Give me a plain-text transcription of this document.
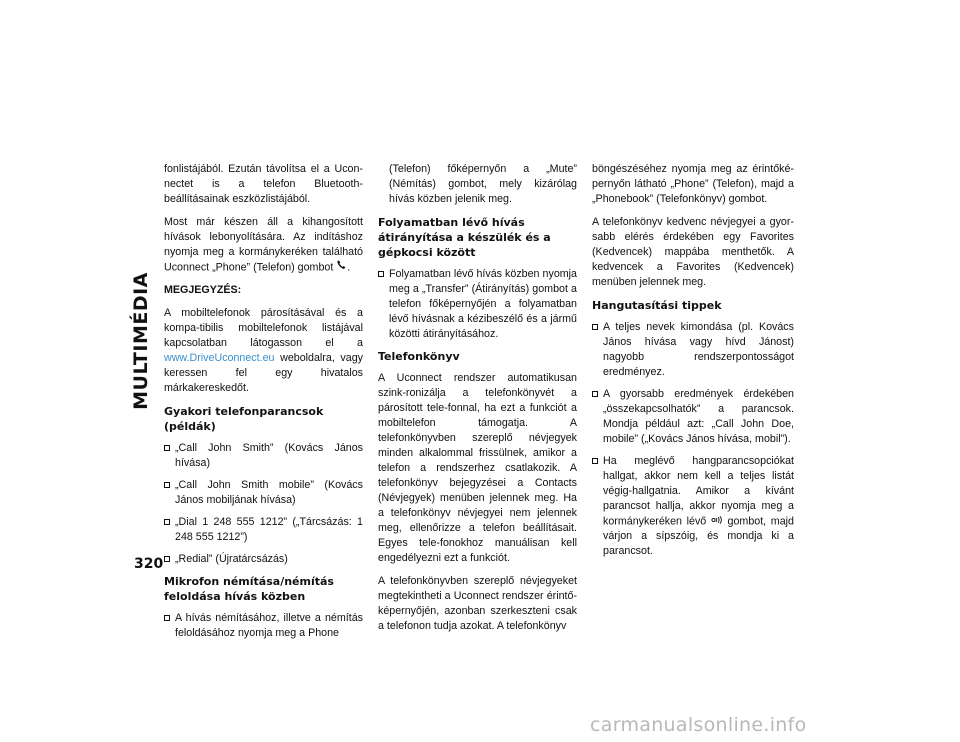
MULTIMÉDIA
320

fonlistájából. Ezután távolítsa el a Ucon-nectet is a telefon Bluetooth-beállításainak eszközlistájából.

Most már készen áll a kihangosított hívások lebonyolítására. Az indításhoz nyomja meg a kormánykeréken található Uconnect „Phone” (Telefon) gombot .

MEGJEGYZÉS:

A mobiltelefonok párosításával és a kompa-tibilis mobiltelefonok listájával kapcsolatban látogasson el a www.DriveUconnect.eu weboldalra, vagy keressen fel egy hivatalos márkakereskedőt.

Gyakori telefonparancsok (példák)
„Call John Smith” (Kovács János hívása)
„Call John Smith mobile” (Kovács János mobiljának hívása)
„Dial 1 248 555 1212” („Tárcsázás: 1 248 555 1212”)
„Redial” (Újratárcsázás)
Mikrofon némítása/némítás feloldása hívás közben
A hívás némításához, illetve a némítás feloldásához nyomja meg a Phone

(Telefon) főképernyőn a „Mute” (Némítás) gombot, mely kizárólag hívás közben jelenik meg.

Folyamatban lévő hívás átirányítása a készülék és a gépkocsi között
Folyamatban lévő hívás közben nyomja meg a „Transfer” (Átirányítás) gombot a telefon főképernyőjén a folyamatban lévő hívásnak a kézibeszélő és a jármű közötti átirányításához.
Telefonkönyv

A Uconnect rendszer automatikusan szink-ronizálja a telefonkönyvét a párosított tele-fonnal, ha ezt a funkciót a mobiltelefon támogatja. A telefonkönyvben szereplő névjegyek minden alkalommal frissülnek, amikor a telefon a rendszerhez csatlakozik. A telefonkönyv bejegyzései a Contacts (Névjegyek) menüben jelennek meg. Ha a telefonkönyv névjegyei nem jelennek meg, ellenőrizze a telefon beállításait. Egyes tele-fonokhoz manuálisan kell engedélyezni ezt a funkciót.

A telefonkönyvben szereplő névjegyeket megtekintheti a Uconnect rendszer érintő-képernyőjén, azonban szerkeszteni csak a telefonon tudja azokat. A telefonkönyv

böngészéséhez nyomja meg az érintőké-pernyőn látható „Phone” (Telefon), majd a „Phonebook” (Telefonkönyv) gombot.

A telefonkönyv kedvenc névjegyei a gyor-sabb elérés érdekében egy Favorites (Kedvencek) mappába menthetők. A kedvencek a Favorites (Kedvencek) menüben jelennek meg.

Hangutasítási tippek
A teljes nevek kimondása (pl. Kovács János hívása vagy hívd Jánost) nagyobb rendszerpontosságot eredményez.
A gyorsabb eredmények érdekében „összekapcsolhatók” a parancsok. Mondja például azt: „Call John Doe, mobile” („Kovács János hívása, mobil”).
Ha meglévő hangparancsopciókat hallgat, akkor nem kell a teljes listát végig-hallgatnia. Amikor a kívánt parancsot hallja, akkor nyomja meg a kormánykeréken lévő gombot, majd várjon a sípszóig, és mondja ki a parancsot.
carmanualsonline.info
